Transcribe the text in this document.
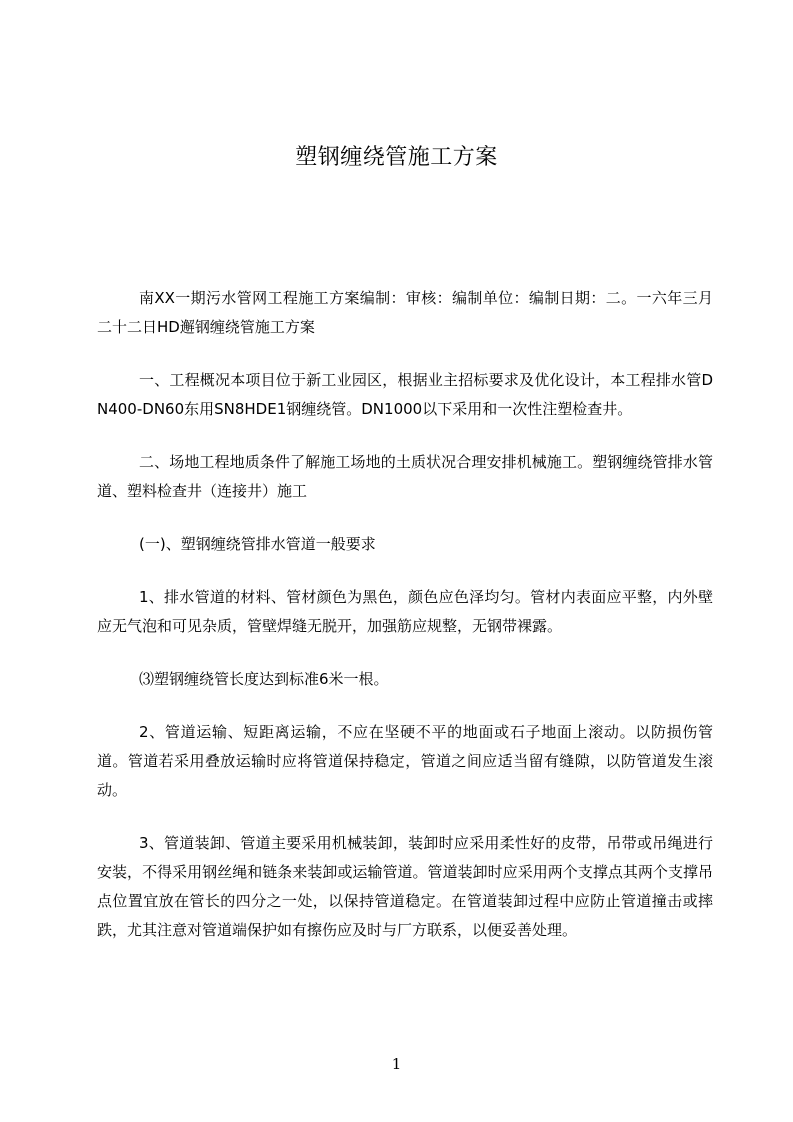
塑钢缠绕管施工方案

南XX一期污水管网工程施工方案编制：审核：编制单位：编制日期：二。一六年三月二十二日HD邂钢缠绕管施工方案

一、工程概况本项目位于新工业园区，根据业主招标要求及优化设计，本工程排水管DN400-DN60东用SN8HDE1钢缠绕管。DN1000以下采用和一次性注塑检查井。

二、场地工程地质条件了解施工场地的土质状况合理安排机械施工。塑钢缠绕管排水管道、塑料检查井（连接井）施工

(一)、塑钢缠绕管排水管道一般要求

1、排水管道的材料、管材颜色为黑色，颜色应色泽均匀。管材内表面应平整，内外壁应无气泡和可见杂质，管壁焊缝无脱开，加强筋应规整，无钢带裸露。

⑶塑钢缠绕管长度达到标准6米一根。

2、管道运输、短距离运输，不应在坚硬不平的地面或石子地面上滚动。以防损伤管道。管道若采用叠放运输时应将管道保持稳定，管道之间应适当留有缝隙，以防管道发生滚动。

3、管道装卸、管道主要采用机械装卸，装卸时应采用柔性好的皮带，吊带或吊绳进行安装，不得采用钢丝绳和链条来装卸或运输管道。管道装卸时应采用两个支撑点其两个支撑吊点位置宜放在管长的四分之一处，以保持管道稳定。在管道装卸过程中应防止管道撞击或摔跌，尤其注意对管道端保护如有擦伤应及时与厂方联系，以便妥善处理。

1
